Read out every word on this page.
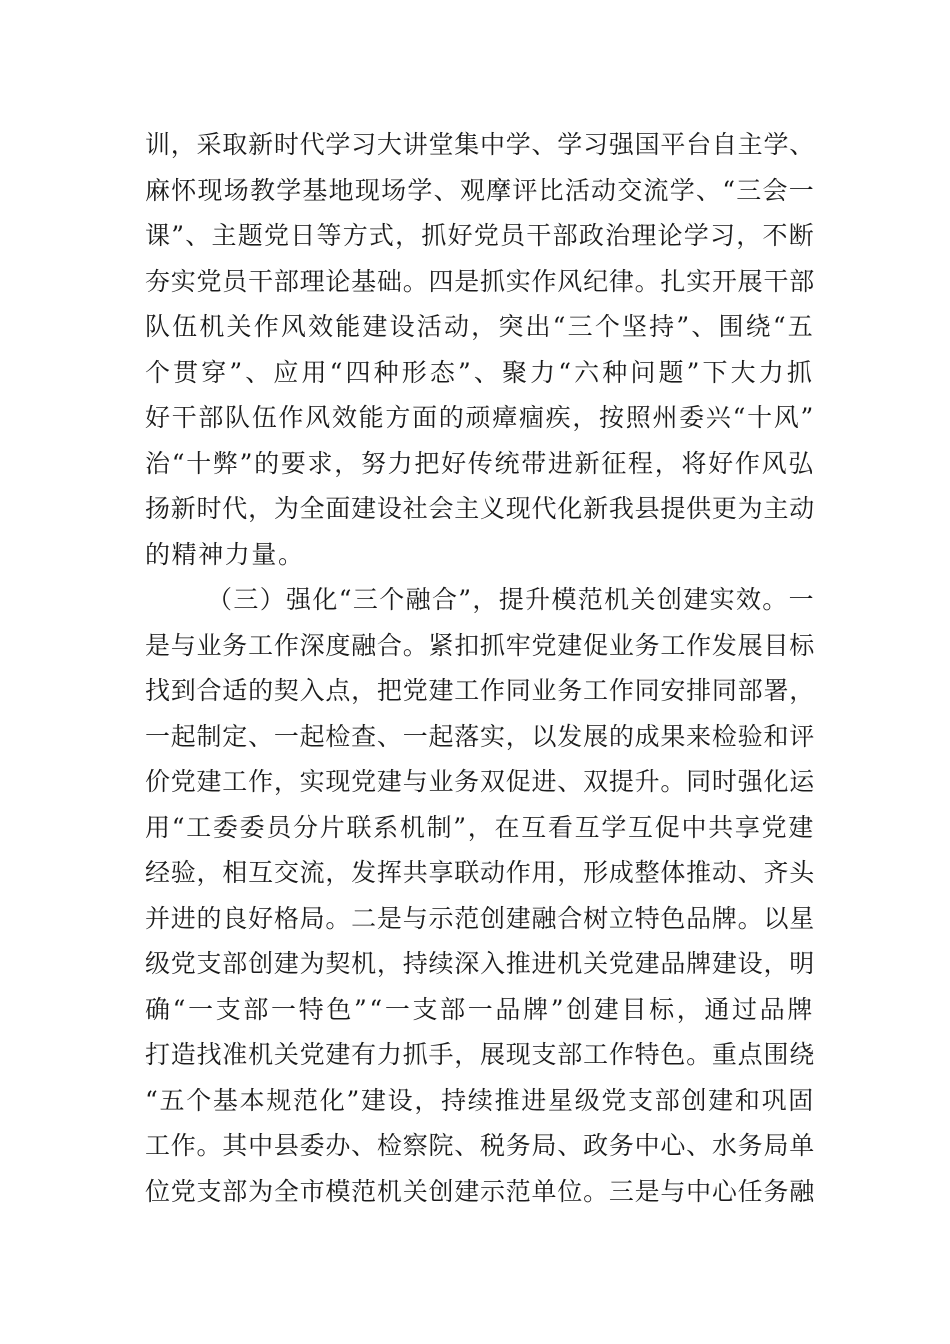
训，采取新时代学习大讲堂集中学、学习强国平台自主学、
麻怀现场教学基地现场学、观摩评比活动交流学、“三会一
课”、主题党日等方式，抓好党员干部政治理论学习，不断
夯实党员干部理论基础。四是抓实作风纪律。扎实开展干部
队伍机关作风效能建设活动，突出“三个坚持”、围绕“五
个贯穿”、应用“四种形态”、聚力“六种问题”下大力抓
好干部队伍作风效能方面的顽瘴痼疾，按照州委兴“十风”
治“十弊”的要求，努力把好传统带进新征程，将好作风弘
扬新时代，为全面建设社会主义现代化新我县提供更为主动
的精神力量。
（三）强化“三个融合”，提升模范机关创建实效。一
是与业务工作深度融合。紧扣抓牢党建促业务工作发展目标
找到合适的契入点，把党建工作同业务工作同安排同部署，
一起制定、一起检查、一起落实，以发展的成果来检验和评
价党建工作，实现党建与业务双促进、双提升。同时强化运
用“工委委员分片联系机制”，在互看互学互促中共享党建
经验，相互交流，发挥共享联动作用，形成整体推动、齐头
并进的良好格局。二是与示范创建融合树立特色品牌。以星
级党支部创建为契机，持续深入推进机关党建品牌建设，明
确“一支部一特色”“一支部一品牌”创建目标，通过品牌
打造找准机关党建有力抓手，展现支部工作特色。重点围绕
“五个基本规范化”建设，持续推进星级党支部创建和巩固
工作。其中县委办、检察院、税务局、政务中心、水务局单
位党支部为全市模范机关创建示范单位。三是与中心任务融
